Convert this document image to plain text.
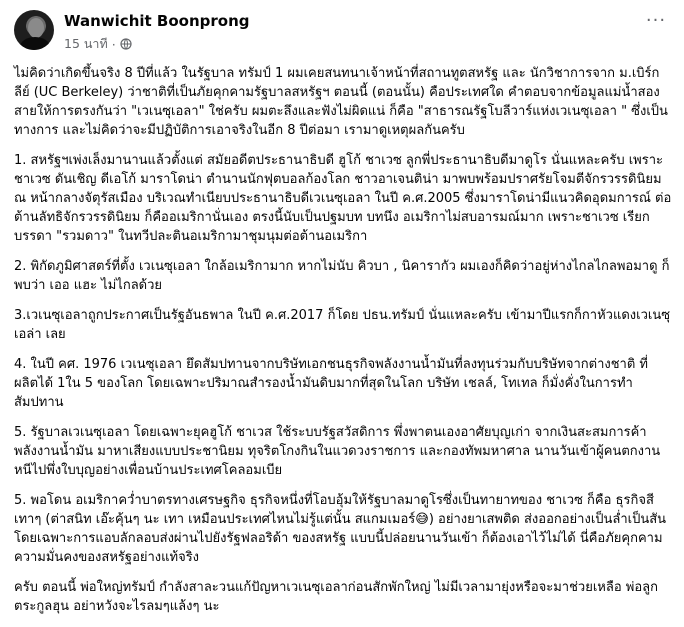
Wanwichit Boonprong
15 นาที ·
···

ไม่คิดว่าเกิดขึ้นจริง 8 ปีที่แล้ว ในรัฐบาล ทรัมป์ 1 ผมเคยสนทนาเจ้าหน้าที่สถานทูตสหรัฐ และ นักวิชาการจาก ม.เบิร์กลีย์ (UC Berkeley) ว่าชาติที่เป็นภัยคุกคามรัฐบาลสหรัฐฯ ตอนนี้ (ตอนนั้น) คือประเทศใด คำตอบจากข้อมูลแม่น้ำสองสายให้การตรงกันว่า "เวเนซุเอลา" ใช่ครับ ผมตะลึงและฟังไม่ผิดแน่ ก็คือ "สาธารณรัฐโบลีวาร์แห่งเวเนซุเอลา " ซึ่งเป็นทางการ และไม่คิดว่าจะมีปฏิบัติการเอาจริงในอีก 8 ปีต่อมา เรามาดูเหตุผลกันครับ

1. สหรัฐฯเพ่งเล็งมานานแล้วตั้งแต่ สมัยอดีตประธานาธิบดี ฮูโก้ ชาเวซ ลูกพี่ประธานาธิบดีมาดูโร นั่นแหละครับ เพราะชาเวซ ดันเชิญ ดีเอโก้ มาราโดน่า ตำนานนักฟุตบอลก้องโลก ชาวอาเจนติน่า มาพบพร้อมปราศรัยโจมตีจักรวรรดินิยม ณ หน้ากลางจัตุรัสเมือง บริเวณทำเนียบประธานาธิบดีเวเนซุเอลา ในปี ค.ศ.2005 ซึ่งมาราโดน่ามีแนวคิดอุดมการณ์ ต่อต้านลัทธิจักรวรรดินิยม ก็คืออเมริกานั่นเอง ตรงนี้นับเป็นปฐมบท บทนึง อเมริกาไม่สบอารมณ์มาก เพราะชาเวซ เรียกบรรดา "รวมดาว" ในทวีปละตินอเมริกามาชุมนุมต่อต้านอเมริกา

2. พิกัดภูมิศาสตร์ที่ตั้ง เวเนซุเอลา ใกล้อเมริกามาก หากไม่นับ คิวบา , นิคารากัว ผมเองก็คิดว่าอยู่ห่างไกลไกลพอมาดู ก็พบว่า เออ แฮะ ไม่ไกลด้วย

3.เวเนซุเอลาถูกประกาศเป็นรัฐอันธพาล ในปี ค.ศ.2017 ก็โดย ปธน.ทรัมป์ นั่นแหละครับ เข้ามาปีแรกก็กาหัวแดงเวเนซุเอล่า เลย

4. ในปี คศ. 1976 เวเนซุเอลา ยึดสัมปทานจากบริษัทเอกชนธุรกิจพลังงานน้ำมันที่ลงทุนร่วมกับบริษัทจากต่างชาติ ที่ผลิตได้ 1ใน 5 ของโลก โดยเฉพาะปริมาณสำรองน้ำมันดิบมากที่สุดในโลก บริษัท เชลล์, โทเทล ก็มั่งคั่งในการทำสัมปทาน

5. รัฐบาลเวเนซุเอลา โดยเฉพาะยุคฮูโก้ ชาเวส ใช้ระบบรัฐสวัสดิการ พึ่งพาตนเองอาศัยบุญเก่า จากเงินสะสมการค้าพลังงานน้ำมัน มาหาเสียงแบบประชานิยม ทุจริตโกงกินในแวดวงราชการ และกองทัพมหาศาล นานวันเข้าผู้คนตกงาน หนีไปพึ่งใบบุญอย่างเพื่อนบ้านประเทศโคลอมเบีย

5. พอโดน อเมริกาคว่ำบาตรทางเศรษฐกิจ ธุรกิจหนึ่งที่โอบอุ้มให้รัฐบาลมาดูโรซึ่งเป็นทายาทของ ชาเวซ ก็คือ ธุรกิจสีเทาๆ (ต่าสนิท เอ๊ะคุ้นๆ นะ เทา เหมือนประเทศไหนไม่รู้แต่นั้น สแกมเมอร์😅) อย่างยาเสพติด ส่งออกอย่างเป็นล่ำเป็นสัน โดยเฉพาะการแอบลักลอบส่งผ่านไปยังรัฐฟลอริด้า ของสหรัฐ แบบนี้ปล่อยนานวันเข้า ก็ต้องเอาไว้ไม่ได้ นี่คือภัยคุกคามความมั่นคงของสหรัฐอย่างแท้จริง

ครับ ตอนนี้ พ่อใหญ่ทรัมป์ กำลังสาละวนแก้ปัญหาเวเนซุเอลาก่อนสักพักใหญ่ ไม่มีเวลามายุ่งหรือจะมาช่วยเหลือ พ่อลูกตระกูลฮุน อย่าหวังจะไรลมๆแล้งๆ นะ
